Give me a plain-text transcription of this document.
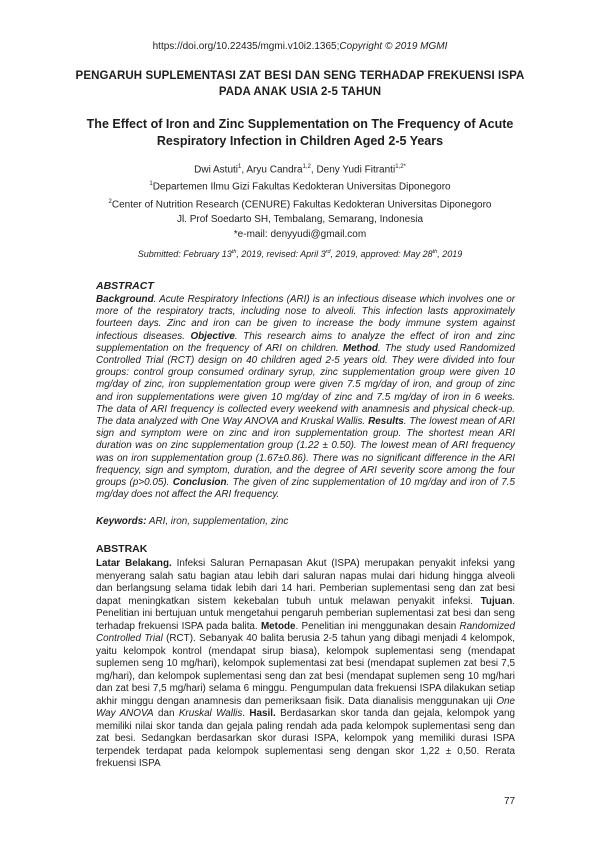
https://doi.org/10.22435/mgmi.v10i2.1365;Copyright © 2019 MGMI
PENGARUH SUPLEMENTASI ZAT BESI DAN SENG TERHADAP FREKUENSI ISPA
PADA ANAK USIA 2-5 TAHUN
The Effect of Iron and Zinc Supplementation on The Frequency of Acute
Respiratory Infection in Children Aged 2-5 Years
Dwi Astuti$^1$, Aryu Candra$^{1,2}$, Deny Yudi Fitranti$^{1,2*}$
$^1$Departemen Ilmu Gizi Fakultas Kedokteran Universitas Diponegoro
$^2$Center of Nutrition Research (CENURE) Fakultas Kedokteran Universitas Diponegoro
Jl. Prof Soedarto SH, Tembalang, Semarang, Indonesia
*e-mail: denyyudi@gmail.com
Submitted: February 13th, 2019, revised: April 3rd, 2019, approved: May 28th, 2019
ABSTRACT
Background. Acute Respiratory Infections (ARI) is an infectious disease which involves one or more of the respiratory tracts, including nose to alveoli. This infection lasts approximately fourteen days. Zinc and iron can be given to increase the body immune system against infectious diseases. Objective. This research aims to analyze the effect of iron and zinc supplementation on the frequency of ARI on children. Method. The study used Randomized Controlled Trial (RCT) design on 40 children aged 2-5 years old. They were divided into four groups: control group consumed ordinary syrup, zinc supplementation group were given 10 mg/day of zinc, iron supplementation group were given 7.5 mg/day of iron, and group of zinc and iron supplementations were given 10 mg/day of zinc and 7.5 mg/day of iron in 6 weeks. The data of ARI frequency is collected every weekend with anamnesis and physical check-up. The data analyzed with One Way ANOVA and Kruskal Wallis. Results. The lowest mean of ARI sign and symptom were on zinc and iron supplementation group. The shortest mean ARI duration was on zinc supplementation group (1.22 ± 0.50). The lowest mean of ARI frequency was on iron supplementation group (1.67±0.86). There was no significant difference in the ARI frequency, sign and symptom, duration, and the degree of ARI severity score among the four groups (p>0.05). Conclusion. The given of zinc supplementation of 10 mg/day and iron of 7.5 mg/day does not affect the ARI frequency.
Keywords: ARI, iron, supplementation, zinc
ABSTRAK
Latar Belakang. Infeksi Saluran Pernapasan Akut (ISPA) merupakan penyakit infeksi yang menyerang salah satu bagian atau lebih dari saluran napas mulai dari hidung hingga alveoli dan berlangsung selama tidak lebih dari 14 hari. Pemberian suplementasi seng dan zat besi dapat meningkatkan sistem kekebalan tubuh untuk melawan penyakit infeksi. Tujuan. Penelitian ini bertujuan untuk mengetahui pengaruh pemberian suplementasi zat besi dan seng terhadap frekuensi ISPA pada balita. Metode. Penelitian ini menggunakan desain Randomized Controlled Trial (RCT). Sebanyak 40 balita berusia 2-5 tahun yang dibagi menjadi 4 kelompok, yaitu kelompok kontrol (mendapat sirup biasa), kelompok suplementasi seng (mendapat suplemen seng 10 mg/hari), kelompok suplementasi zat besi (mendapat suplemen zat besi 7,5 mg/hari), dan kelompok suplementasi seng dan zat besi (mendapat suplemen seng 10 mg/hari dan zat besi 7,5 mg/hari) selama 6 minggu. Pengumpulan data frekuensi ISPA dilakukan setiap akhir minggu dengan anamnesis dan pemeriksaan fisik. Data dianalisis menggunakan uji One Way ANOVA dan Kruskal Wallis. Hasil. Berdasarkan skor tanda dan gejala, kelompok yang memiliki nilai skor tanda dan gejala paling rendah ada pada kelompok suplementasi seng dan zat besi. Sedangkan berdasarkan skor durasi ISPA, kelompok yang memiliki durasi ISPA terpendek terdapat pada kelompok suplementasi seng dengan skor 1,22 ± 0,50. Rerata frekuensi ISPA
77
